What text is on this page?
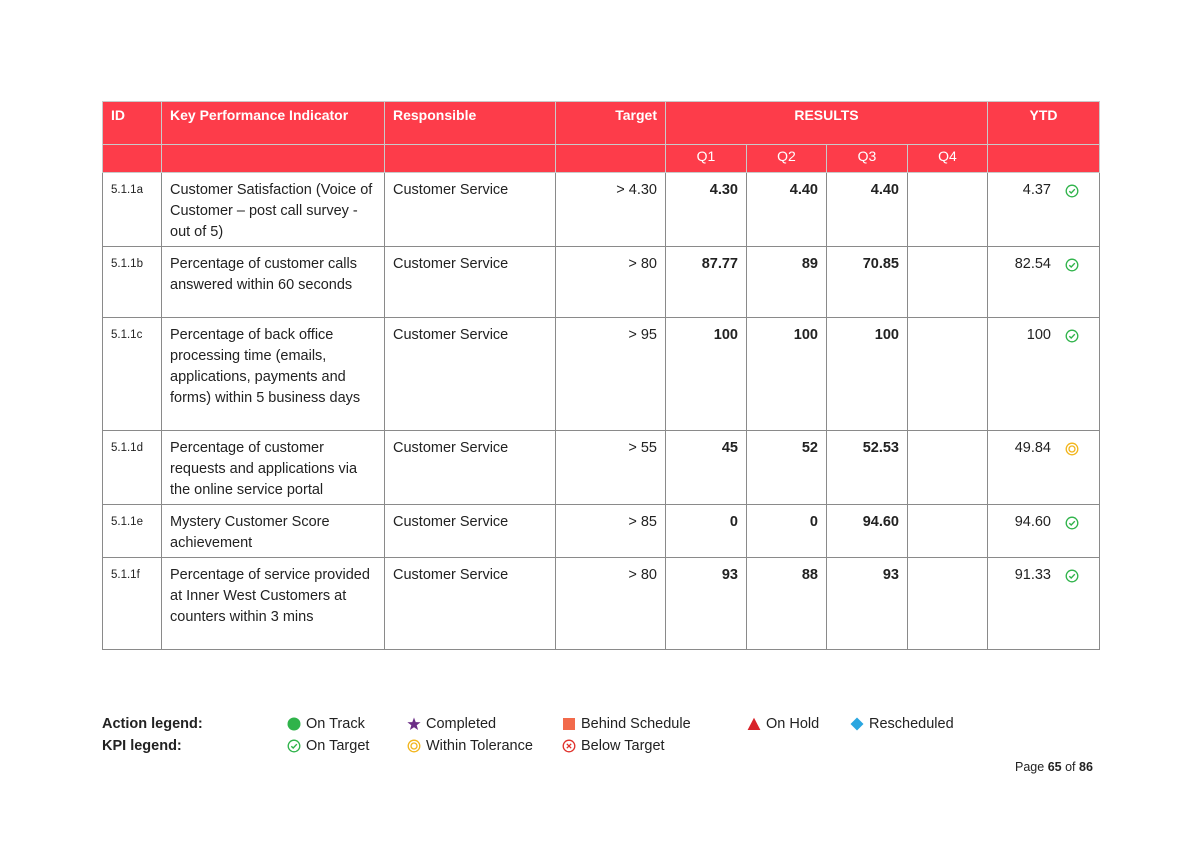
ID	Key Performance Indicator	Responsible	Target	RESULTS				YTD
				Q1	Q2	Q3	Q4	
5.1.1a	Customer Satisfaction (Voice of Customer – post call survey - out of 5)	Customer Service	> 4.30	4.30	4.40	4.40		4.37

5.1.1b	Percentage of customer calls answered within 60 seconds	Customer Service	> 80	87.77	89	70.85		82.54

5.1.1c	Percentage of back office processing time (emails, applications, payments and forms) within 5 business days	Customer Service	> 95	100	100	100		100

5.1.1d	Percentage of customer requests and applications via the online service portal	Customer Service	> 55	45	52	52.53		49.84

5.1.1e	Mystery Customer Score achievement	Customer Service	> 85	0	0	94.60		94.60

5.1.1f	Percentage of service provided at Inner West Customers at counters within 3 mins	Customer Service	> 80	93	88	93		91.33
Action legend:	On Track	Completed	Behind Schedule	On Hold	Rescheduled
KPI legend:	On Target	Within Tolerance	Below Target
Page 65 of 86
